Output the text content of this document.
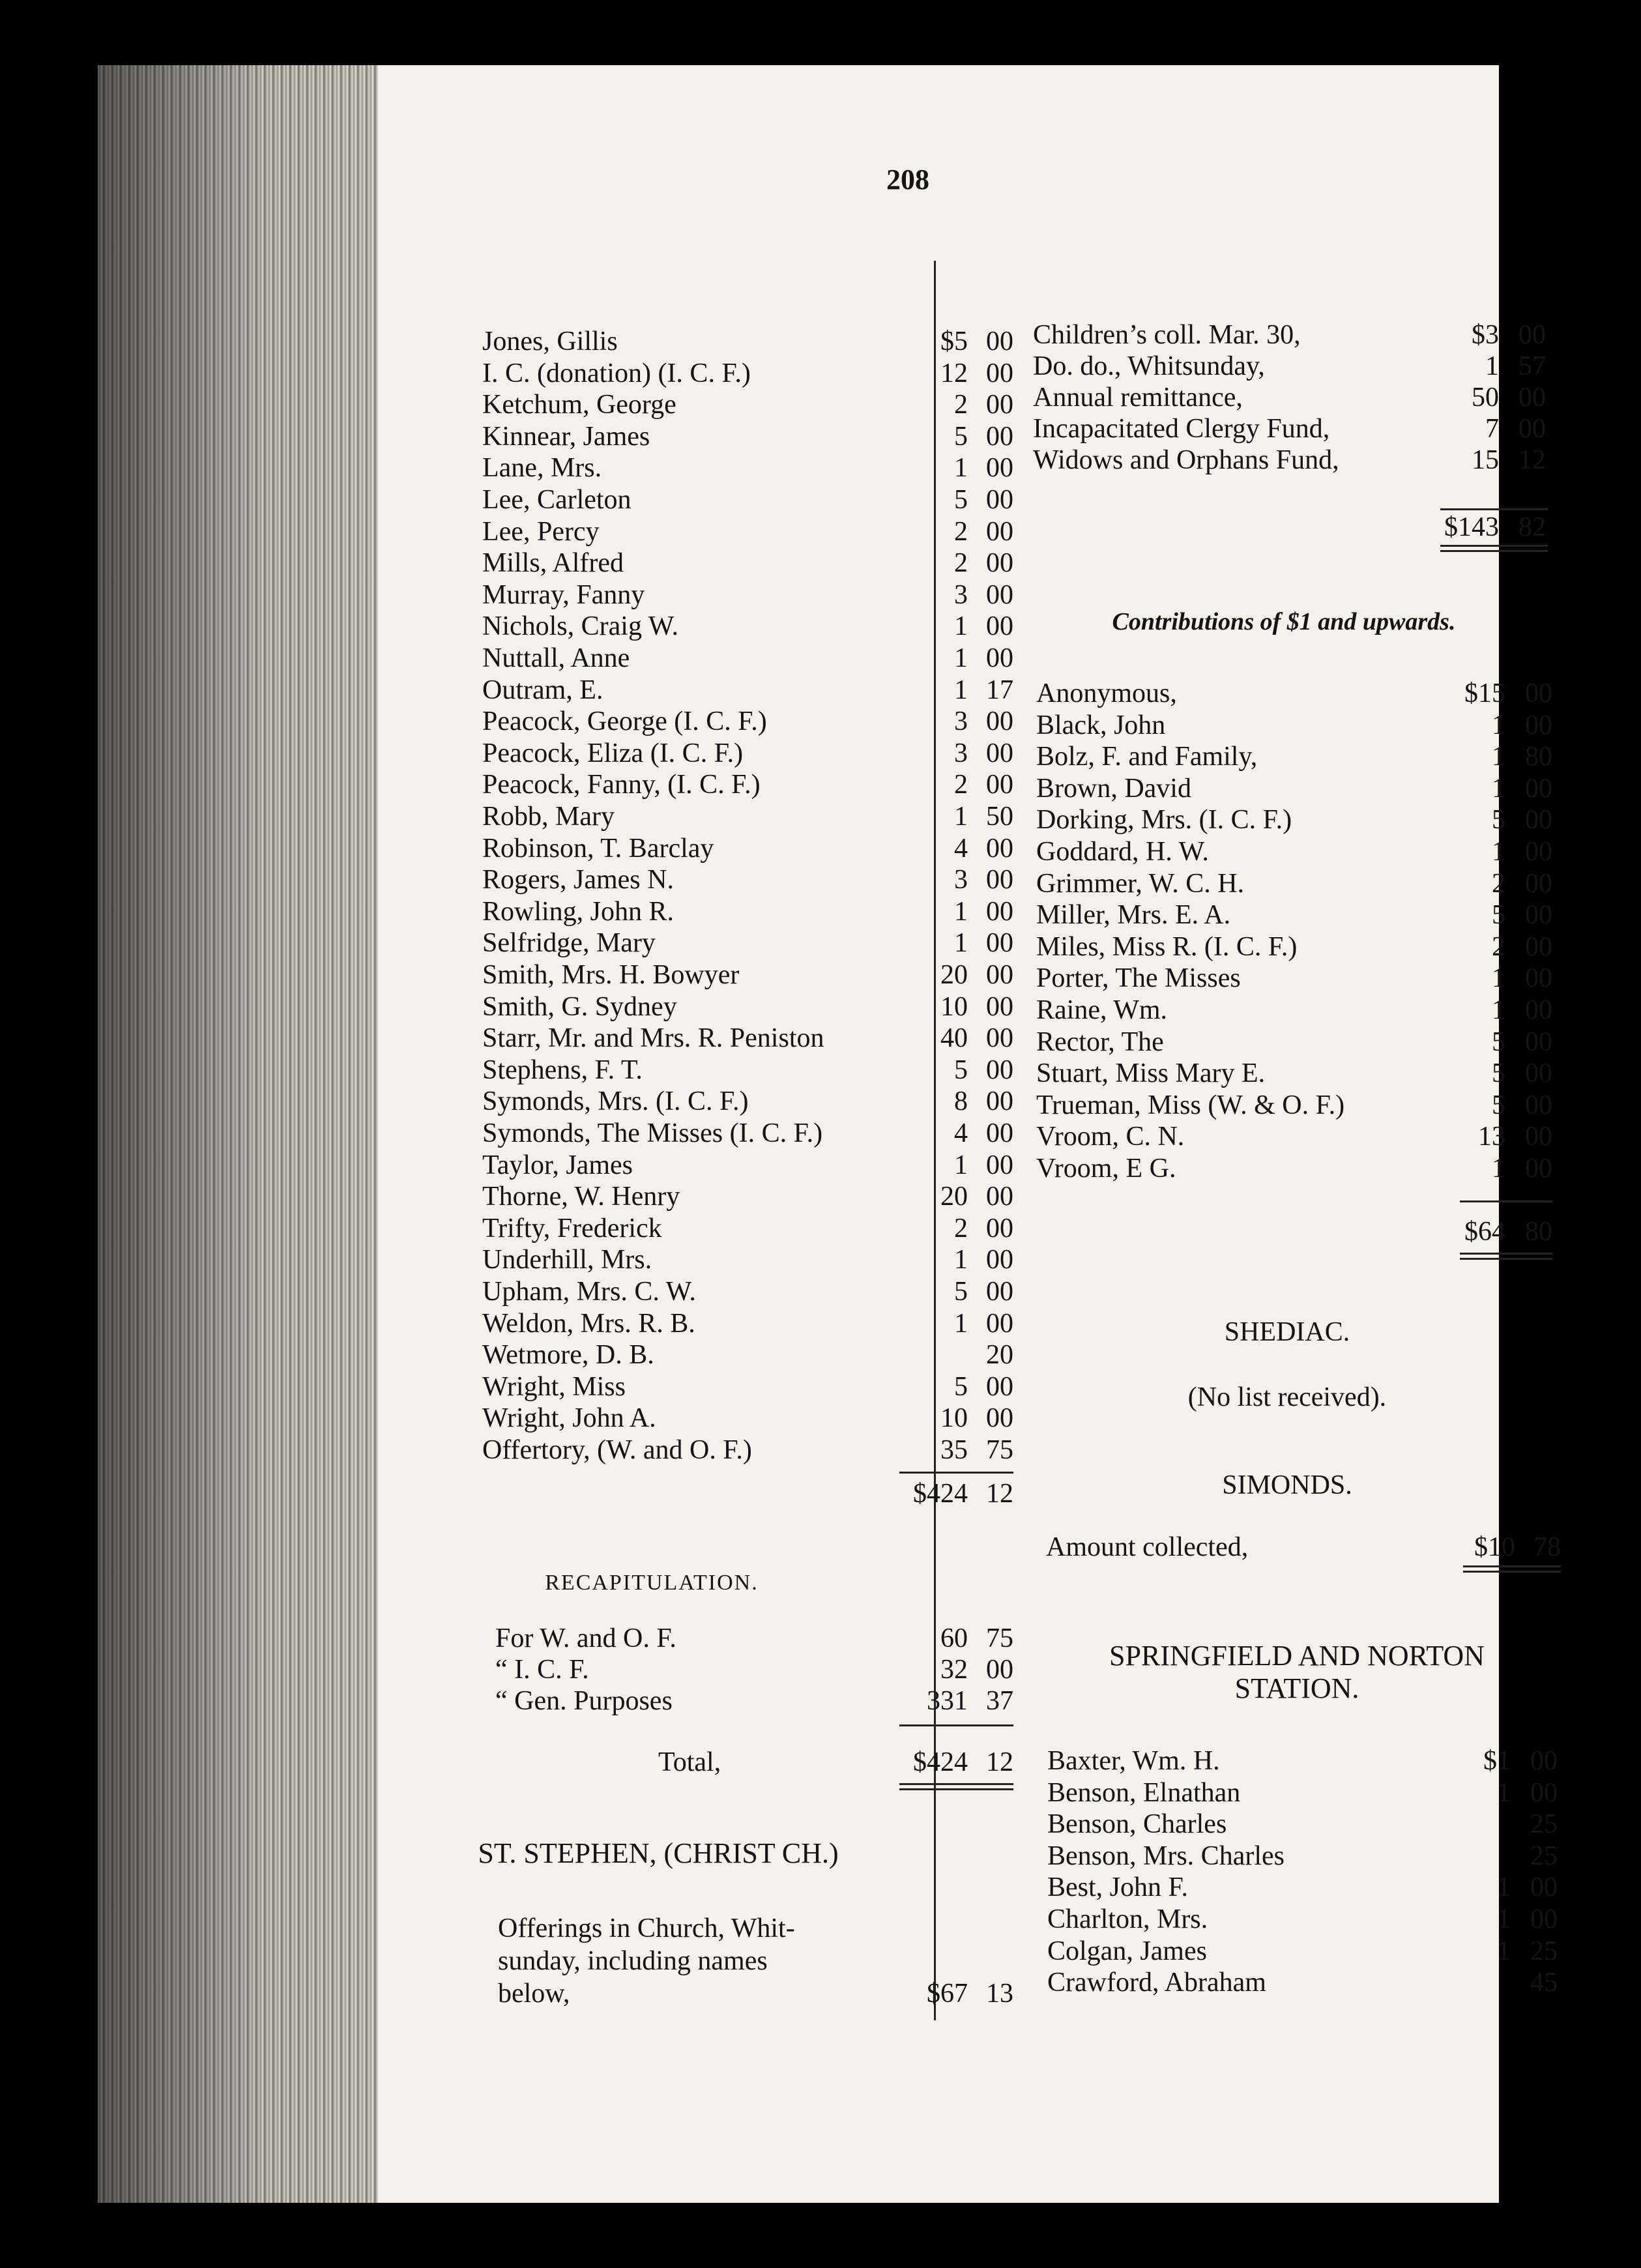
208
Jones, Gillis	$5 00
I. C. (donation) (I. C. F.)	12 00
Ketchum, George	2 00
Kinnear, James	5 00
Lane, Mrs.	1 00
Lee, Carleton	5 00
Lee, Percy	2 00
Mills, Alfred	2 00
Murray, Fanny	3 00
Nichols, Craig W.	1 00
Nuttall, Anne	1 00
Outram, E.	1 17
Peacock, George (I. C. F.)	3 00
Peacock, Eliza (I. C. F.)	3 00
Peacock, Fanny, (I. C. F.)	2 00
Robb, Mary	1 50
Robinson, T. Barclay	4 00
Rogers, James N.	3 00
Rowling, John R.	1 00
Selfridge, Mary	1 00
Smith, Mrs. H. Bowyer	20 00
Smith, G. Sydney	10 00
Starr, Mr. and Mrs. R. Peniston	40 00
Stephens, F. T.	5 00
Symonds, Mrs. (I. C. F.)	8 00
Symonds, The Misses (I. C. F.)	4 00
Taylor, James	1 00
Thorne, W. Henry	20 00
Trifty, Frederick	2 00
Underhill, Mrs.	1 00
Upham, Mrs. C. W.	5 00
Weldon, Mrs. R. B.	1 00
Wetmore, D. B.	20
Wright, Miss	5 00
Wright, John A.	10 00
Offertory, (W. and O. F.)	35 75
$424 12
RECAPITULATION.
For W. and O. F.	60 75
“ I. C. F.	32 00
“ Gen. Purposes	331 37
Total,	$424 12
ST. STEPHEN, (CHRIST CH.)
Offerings in Church, Whit-
sunday, including names
below,	$67 13
Children’s coll. Mar. 30,	$3 00
Do. do., Whitsunday,	1 57
Annual remittance,	50 00
Incapacitated Clergy Fund,	7 00
Widows and Orphans Fund,	15 12
$143 82
Contributions of $1 and upwards.
Anonymous,	$15 00
Black, John	1 00
Bolz, F. and Family,	1 80
Brown, David	1 00
Dorking, Mrs. (I. C. F.)	5 00
Goddard, H. W.	1 00
Grimmer, W. C. H.	2 00
Miller, Mrs. E. A.	5 00
Miles, Miss R. (I. C. F.)	2 00
Porter, The Misses	1 00
Raine, Wm.	1 00
Rector, The	5 00
Stuart, Miss Mary E.	5 00
Trueman, Miss (W. & O. F.)	5 00
Vroom, C. N.	13 00
Vroom, E G.	1 00
$64 80
SHEDIAC.
(No list received).
SIMONDS.
Amount collected,	$10 78
SPRINGFIELD AND NORTON
STATION.
Baxter, Wm. H.	$1 00
Benson, Elnathan	1 00
Benson, Charles	25
Benson, Mrs. Charles	25
Best, John F.	1 00
Charlton, Mrs.	1 00
Colgan, James	1 25
Crawford, Abraham	45
